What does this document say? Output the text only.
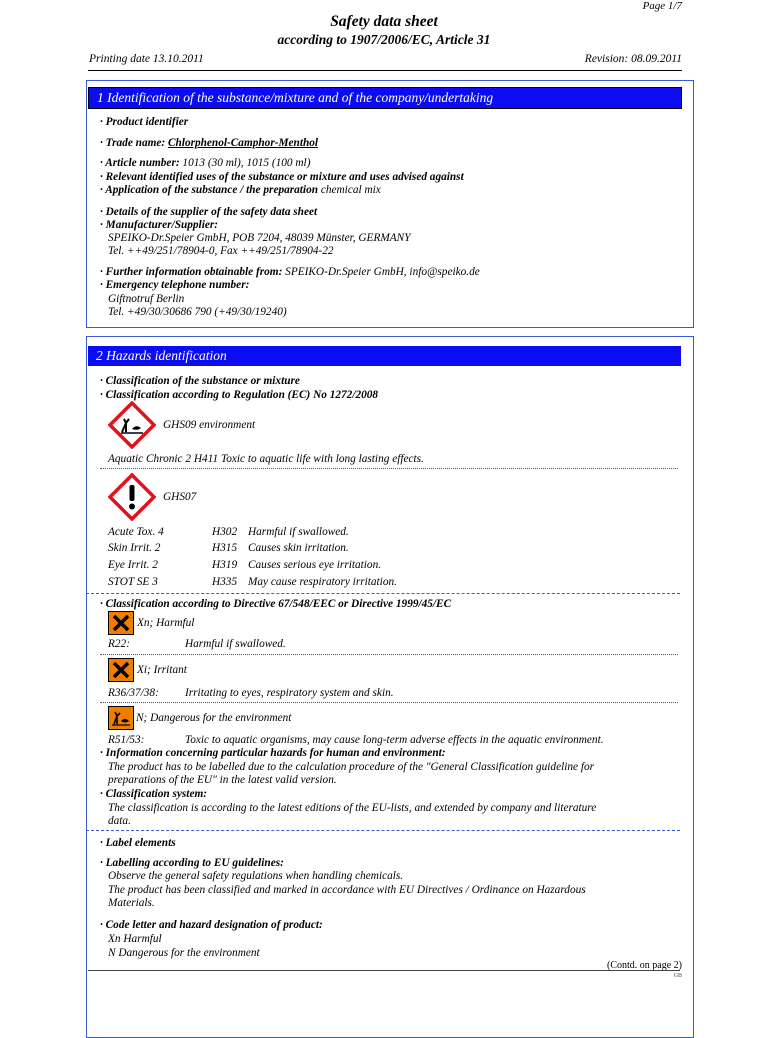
Page 1/7
Safety data sheet
according to 1907/2006/EC, Article 31
Printing date 13.10.2011	Revision: 08.09.2011
1 Identification of the substance/mixture and of the company/undertaking
· Product identifier
· Trade name: Chlorphenol-Camphor-Menthol
· Article number: 1013 (30 ml), 1015 (100 ml)
· Relevant identified uses of the substance or mixture and uses advised against
· Application of the substance / the preparation chemical mix
· Details of the supplier of the safety data sheet
· Manufacturer/Supplier:
SPEIKO-Dr.Speier GmbH, POB 7204, 48039 Münster, GERMANY
Tel. ++49/251/78904-0, Fax ++49/251/78904-22
· Further information obtainable from: SPEIKO-Dr.Speier GmbH, info@speiko.de
· Emergency telephone number:
Giftnotruf Berlin
Tel. +49/30/30686 790 (+49/30/19240)
2 Hazards identification
· Classification of the substance or mixture
· Classification according to Regulation (EC) No 1272/2008
GHS09 environment
Aquatic Chronic 2 H411 Toxic to aquatic life with long lasting effects.
GHS07
Acute Tox. 4	H302 Harmful if swallowed.
Skin Irrit. 2	H315 Causes skin irritation.
Eye Irrit. 2	H319 Causes serious eye irritation.
STOT SE 3	H335 May cause respiratory irritation.
· Classification according to Directive 67/548/EEC or Directive 1999/45/EC
Xn; Harmful
R22:	Harmful if swallowed.
Xi; Irritant
R36/37/38: Irritating to eyes, respiratory system and skin.
N; Dangerous for the environment
R51/53:	Toxic to aquatic organisms, may cause long-term adverse effects in the aquatic environment.
· Information concerning particular hazards for human and environment:
The product has to be labelled due to the calculation procedure of the "General Classification guideline for
preparations of the EU" in the latest valid version.
· Classification system:
The classification is according to the latest editions of the EU-lists, and extended by company and literature
data.
· Label elements
· Labelling according to EU guidelines:
Observe the general safety regulations when handling chemicals.
The product has been classified and marked in accordance with EU Directives / Ordinance on Hazardous
Materials.
· Code letter and hazard designation of product:
Xn Harmful
N Dangerous for the environment
(Contd. on page 2)
GB
